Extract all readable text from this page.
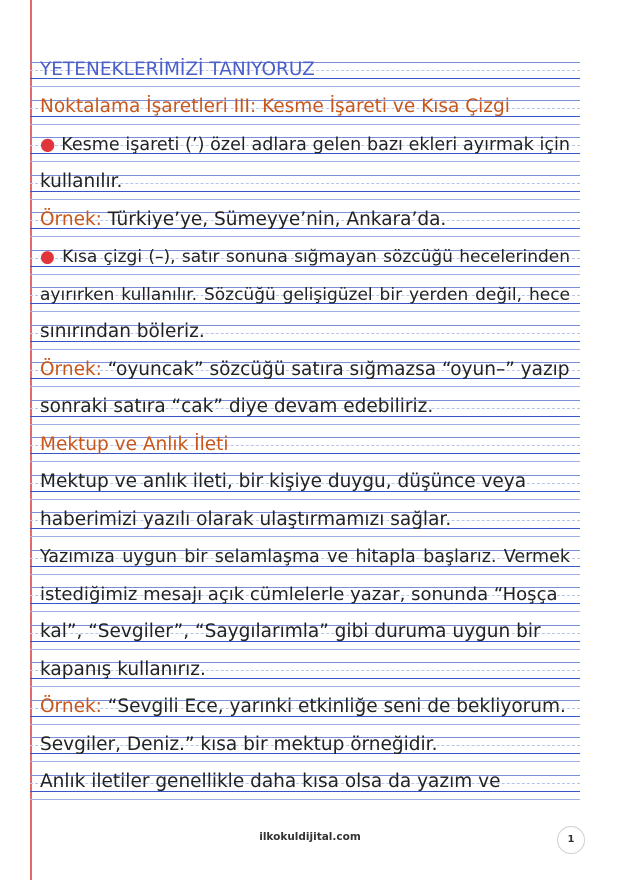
YETENEKLERİMİZİ TANIYORUZ
Noktalama İşaretleri III: Kesme İşareti ve Kısa Çizgi
● Kesme işareti (’) özel adlara gelen bazı ekleri ayırmak için
kullanılır.
Örnek: Türkiye’ye, Sümeyye’nin, Ankara’da.
● Kısa çizgi (–), satır sonuna sığmayan sözcüğü hecelerinden
ayırırken kullanılır. Sözcüğü gelişigüzel bir yerden değil, hece
sınırından böleriz.
Örnek: “oyuncak” sözcüğü satıra sığmazsa “oyun–” yazıp
sonraki satıra “cak” diye devam edebiliriz.
Mektup ve Anlık İleti
Mektup ve anlık ileti, bir kişiye duygu, düşünce veya
haberimizi yazılı olarak ulaştırmamızı sağlar.
Yazımıza uygun bir selamlaşma ve hitapla başlarız. Vermek
istediğimiz mesajı açık cümlelerle yazar, sonunda “Hoşça
kal”, “Sevgiler”, “Saygılarımla” gibi duruma uygun bir
kapanış kullanırız.
Örnek: “Sevgili Ece, yarınki etkinliğe seni de bekliyorum.
Sevgiler, Deniz.” kısa bir mektup örneğidir.
Anlık iletiler genellikle daha kısa olsa da yazım ve
ilkokuldijital.com	1
